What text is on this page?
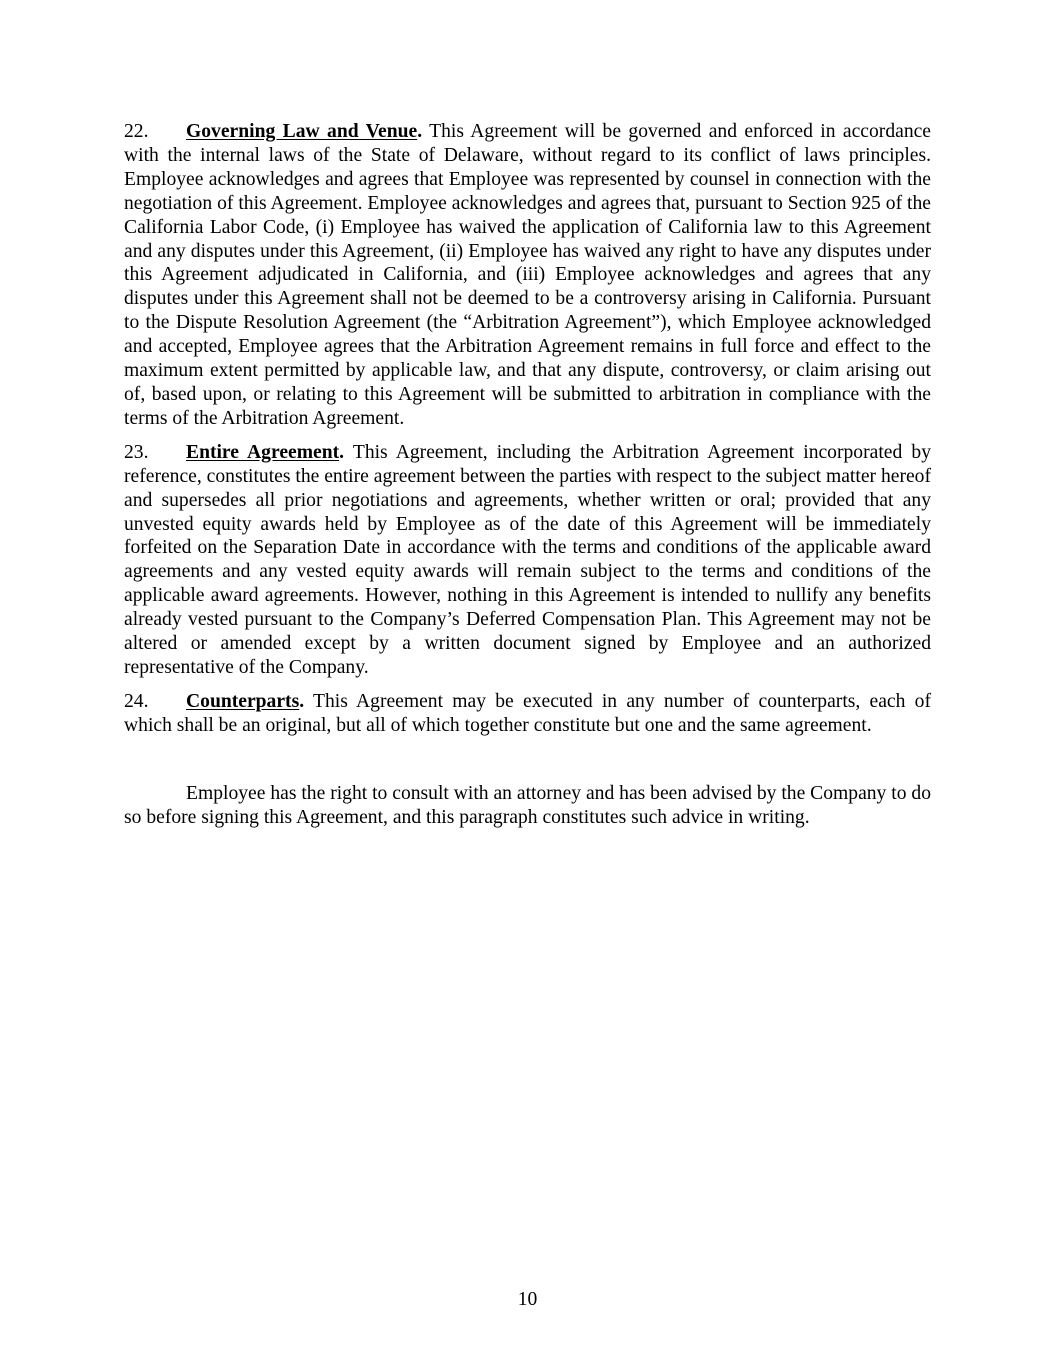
22. Governing Law and Venue. This Agreement will be governed and enforced in accordance with the internal laws of the State of Delaware, without regard to its conflict of laws principles. Employee acknowledges and agrees that Employee was represented by counsel in connection with the negotiation of this Agreement. Employee acknowledges and agrees that, pursuant to Section 925 of the California Labor Code, (i) Employee has waived the application of California law to this Agreement and any disputes under this Agreement, (ii) Employee has waived any right to have any disputes under this Agreement adjudicated in California, and (iii) Employee acknowledges and agrees that any disputes under this Agreement shall not be deemed to be a controversy arising in California. Pursuant to the Dispute Resolution Agreement (the “Arbitration Agreement”), which Employee acknowledged and accepted, Employee agrees that the Arbitration Agreement remains in full force and effect to the maximum extent permitted by applicable law, and that any dispute, controversy, or claim arising out of, based upon, or relating to this Agreement will be submitted to arbitration in compliance with the terms of the Arbitration Agreement.

23. Entire Agreement. This Agreement, including the Arbitration Agreement incorporated by reference, constitutes the entire agreement between the parties with respect to the subject matter hereof and supersedes all prior negotiations and agreements, whether written or oral; provided that any unvested equity awards held by Employee as of the date of this Agreement will be immediately forfeited on the Separation Date in accordance with the terms and conditions of the applicable award agreements and any vested equity awards will remain subject to the terms and conditions of the applicable award agreements. However, nothing in this Agreement is intended to nullify any benefits already vested pursuant to the Company’s Deferred Compensation Plan. This Agreement may not be altered or amended except by a written document signed by Employee and an authorized representative of the Company.

24. Counterparts. This Agreement may be executed in any number of counterparts, each of which shall be an original, but all of which together constitute but one and the same agreement.

Employee has the right to consult with an attorney and has been advised by the Company to do so before signing this Agreement, and this paragraph constitutes such advice in writing.

10
